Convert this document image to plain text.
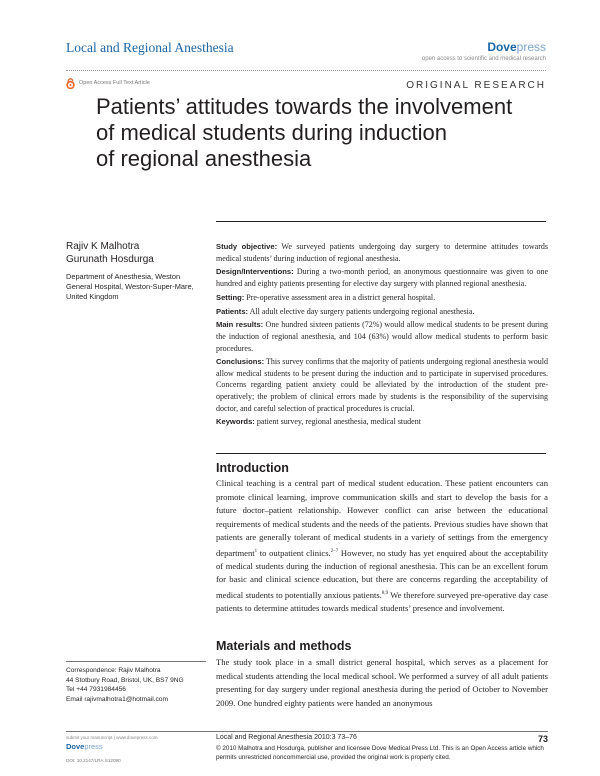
Local and Regional Anesthesia	Dovepress
open access to scientific and medical research
Open Access Full Text Article	ORIGINAL RESEARCH
Patients’ attitudes towards the involvement
of medical students during induction
of regional anesthesia
Rajiv K Malhotra
Gurunath Hosdurga
Department of Anesthesia, Weston General Hospital, Weston-Super-Mare, United Kingdom

Study objective: We surveyed patients undergoing day surgery to determine attitudes towards medical students’ during induction of regional anesthesia.

Design/Interventions: During a two-month period, an anonymous questionnaire was given to one hundred and eighty patients presenting for elective day surgery with planned regional anesthesia.

Setting: Pre-operative assessment area in a district general hospital.

Patients: All adult elective day surgery patients undergoing regional anesthesia.

Main results: One hundred sixteen patients (72%) would allow medical students to be present during the induction of regional anesthesia, and 104 (63%) would allow medical students to perform basic procedures.

Conclusions: This survey confirms that the majority of patients undergoing regional anesthesia would allow medical students to be present during the induction and to participate in supervised procedures. Concerns regarding patient anxiety could be alleviated by the introduction of the student pre-operatively; the problem of clinical errors made by students is the responsibility of the supervising doctor, and careful selection of practical procedures is crucial.

Keywords: patient survey, regional anesthesia, medical student

Introduction

Clinical teaching is a central part of medical student education. These patient encounters can promote clinical learning, improve communication skills and start to develop the basis for a future doctor–patient relationship. However conflict can arise between the educational requirements of medical students and the needs of the patients. Previous studies have shown that patients are generally tolerant of medical students in a variety of settings from the emergency department$^1$ to outpatient clinics.$^{2-7}$ However, no study has yet enquired about the acceptability of medical students during the induction of regional anesthesia. This can be an excellent forum for basic and clinical science education, but there are concerns regarding the acceptability of medical students to potentially anxious patients.$^{8,9}$ We therefore surveyed pre-operative day case patients to determine attitudes towards medical students’ presence and involvement.

Materials and methods

The study took place in a small district general hospital, which serves as a placement for medical students attending the local medical school. We performed a survey of all adult patients presenting for day surgery under regional anesthesia during the period of October to November 2009. One hundred eighty patients were handed an anonymous

Correspondence: Rajiv Malhotra
44 Stotbury Road, Bristol, UK, BS7 9NG
Tel +44 7931984456
Email rajivmalhotra1@hotmail.com
submit your manuscript | www.dovepress.com
Dovepress
DOI: 10.2147/LRA.S12090
Local and Regional Anesthesia 2010:3 73–76	73
© 2010 Malhotra and Hosdurga, publisher and licensee Dove Medical Press Ltd. This is an Open Access article which permits unrestricted noncommercial use, provided the original work is properly cited.
